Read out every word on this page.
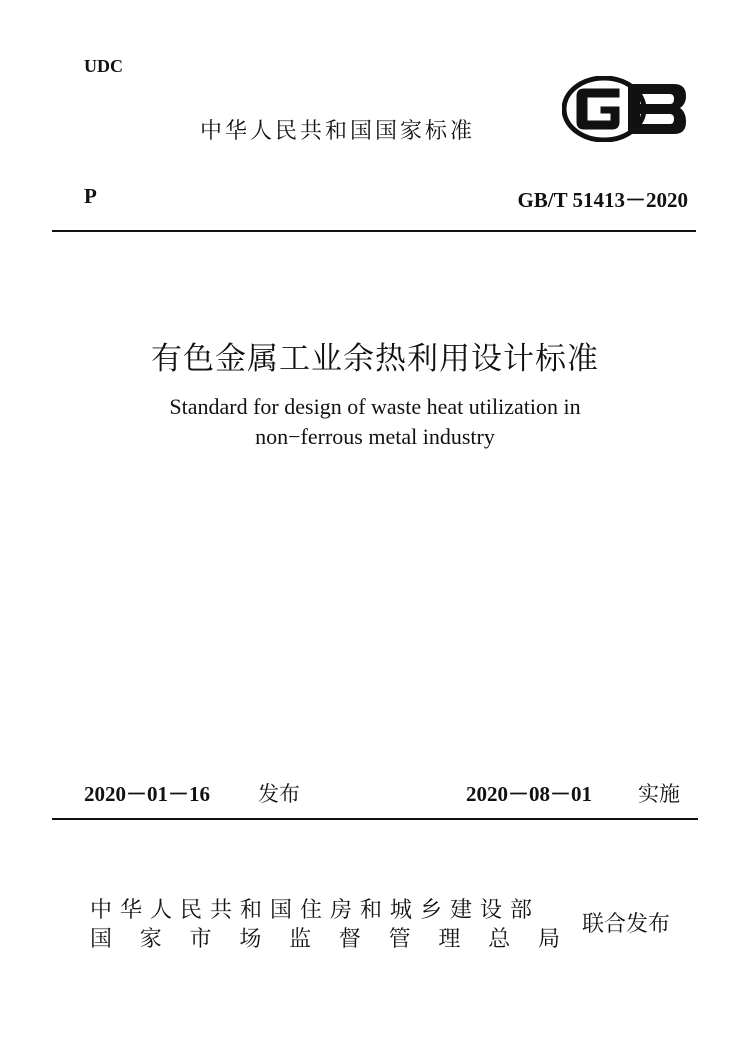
UDC
中华人民共和国国家标准
GB
P	GB/T 51413－2020
有色金属工业余热利用设计标准
Standard for design of waste heat utilization in
non−ferrous metal industry
2020－01－16 发布	2020－08－01 实施
中华人民共和国住房和城乡建设部
国家市场监督管理总局
联合发布
